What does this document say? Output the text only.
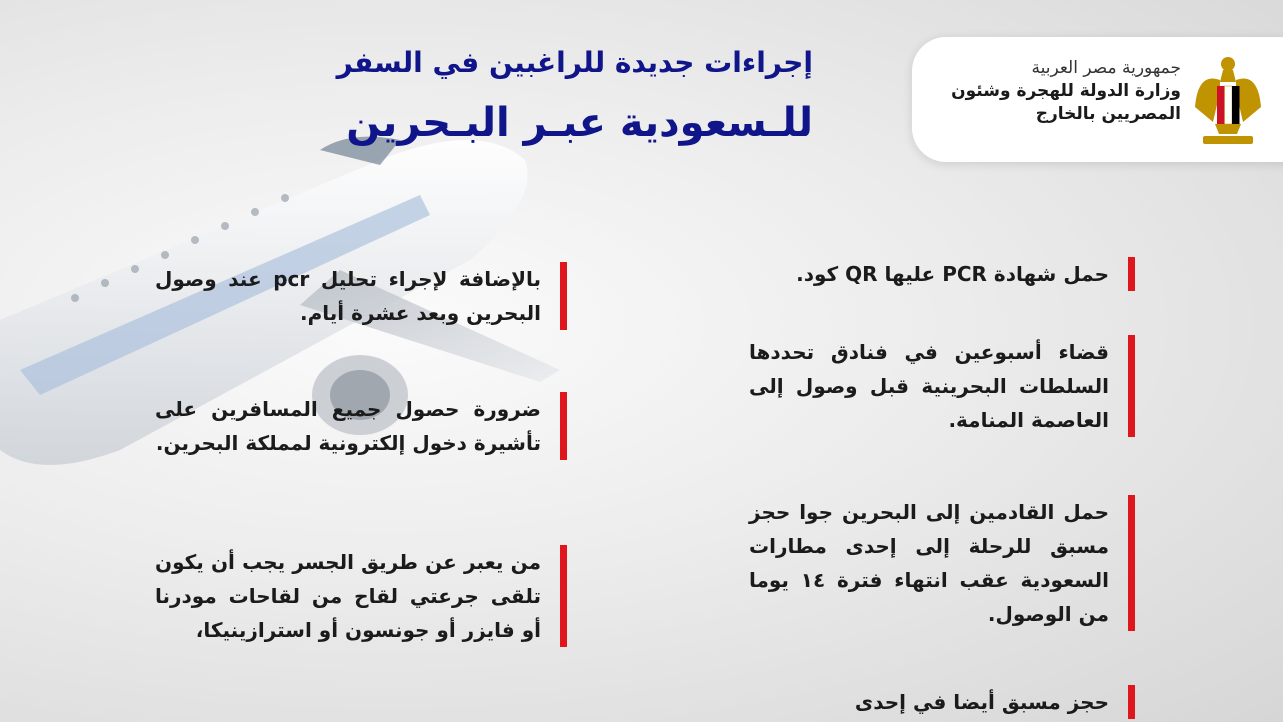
جمهورية مصر العربية
وزارة الدولة للهجرة وشئون
المصريين بالخارج
إجراءات جديدة للراغبين في السفر
للـسعودية عبـر البـحرين
حمل شهادة PCR عليها QR كود.
قضاء أسبوعين في فنادق تحددها السلطات البحرينية قبل وصول إلى العاصمة المنامة.
حمل القادمين إلى البحرين جوا حجز مسبق للرحلة إلى إحدى مطارات السعودية عقب انتهاء فترة ١٤ يوما من الوصول.
حجز مسبق أيضا في إحدى
بالإضافة لإجراء تحليل pcr عند وصول البحرين وبعد عشرة أيام.
ضرورة حصول جميع المسافرين على تأشيرة دخول إلكترونية لمملكة البحرين.
من يعبر عن طريق الجسر يجب أن يكون تلقى جرعتي لقاح من لقاحات مودرنا أو فايزر أو جونسون أو استرازينيكا،
